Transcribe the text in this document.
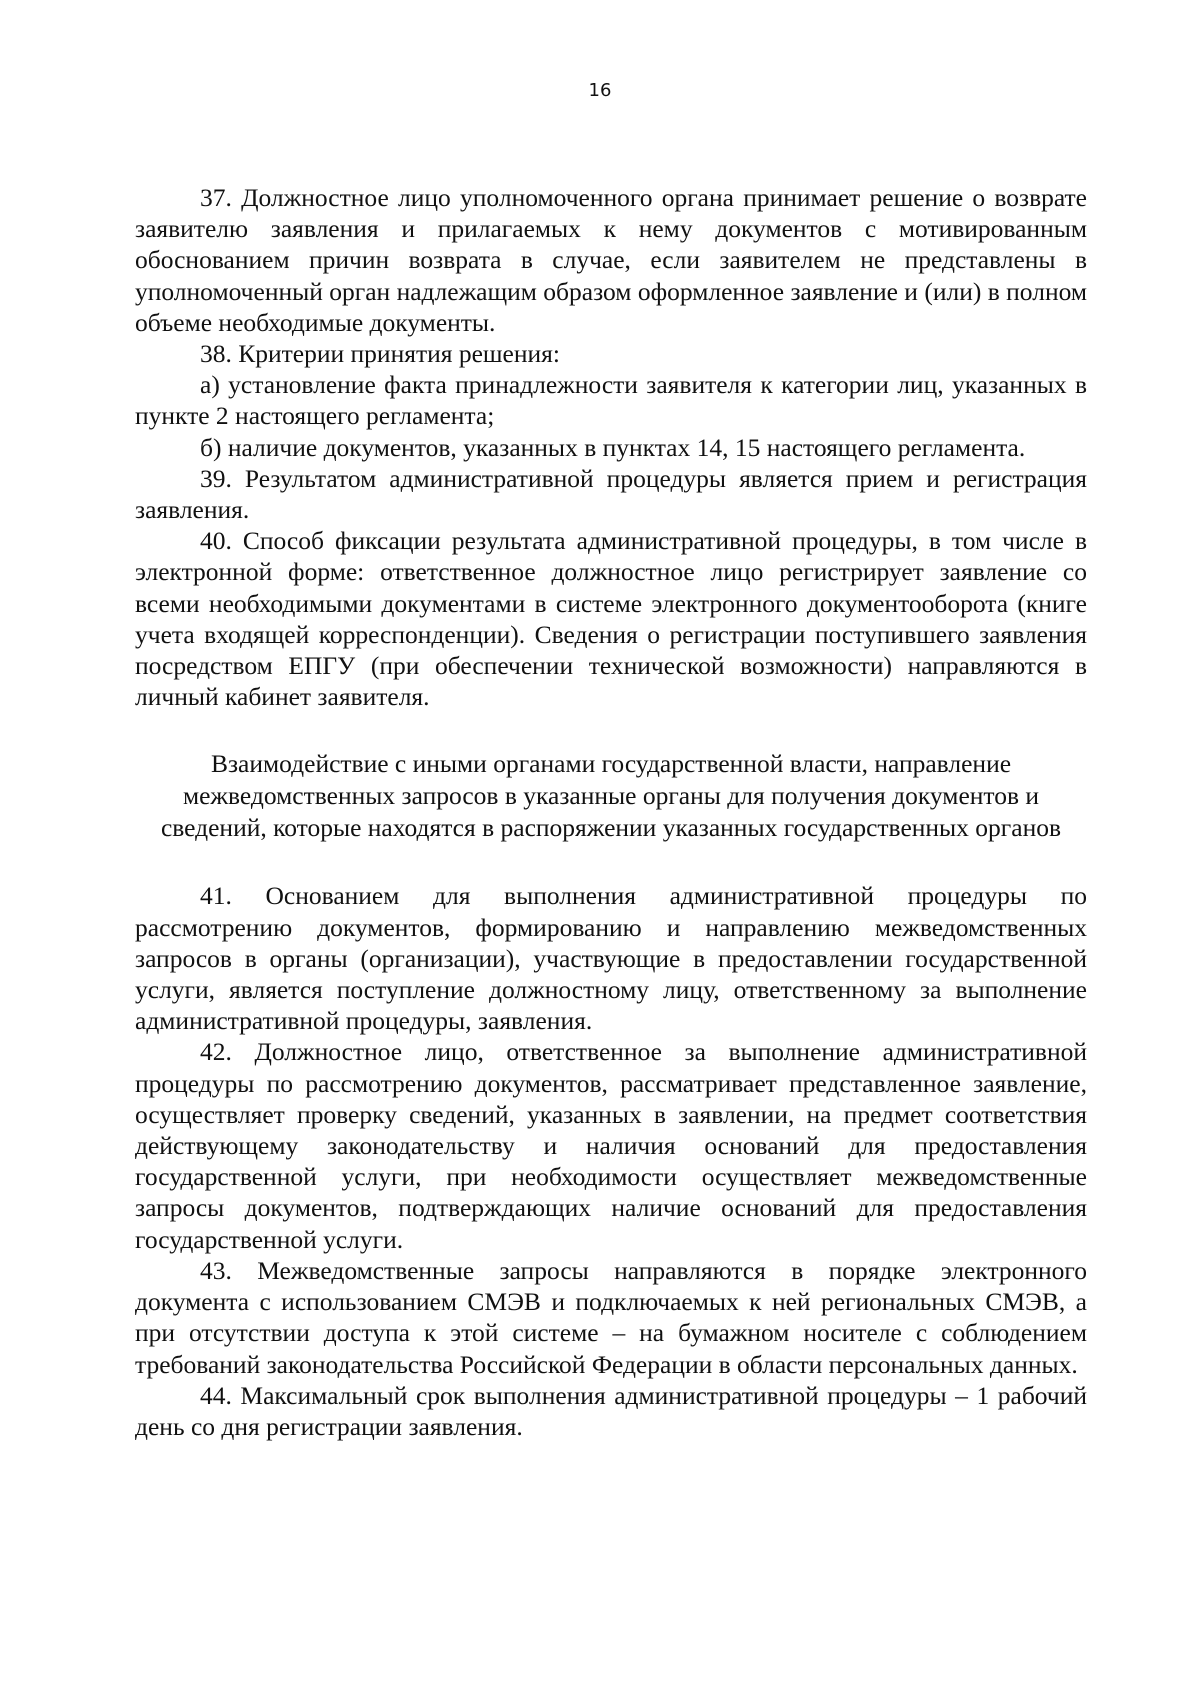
16

37. Должностное лицо уполномоченного органа принимает решение о возврате заявителю заявления и прилагаемых к нему документов с мотивированным обоснованием причин возврата в случае, если заявителем не представлены в уполномоченный орган надлежащим образом оформленное заявление и (или) в полном объеме необходимые документы.

38. Критерии принятия решения:

а) установление факта принадлежности заявителя к категории лиц, указанных в пункте 2 настоящего регламента;

б) наличие документов, указанных в пунктах 14, 15 настоящего регламента.

39. Результатом административной процедуры является прием и регистрация заявления.

40. Способ фиксации результата административной процедуры, в том числе в электронной форме: ответственное должностное лицо регистрирует заявление со всеми необходимыми документами в системе электронного документооборота (книге учета входящей корреспонденции). Сведения о регистрации поступившего заявления посредством ЕПГУ (при обеспечении технической возможности) направляются в личный кабинет заявителя.

Взаимодействие с иными органами государственной власти, направление межведомственных запросов в указанные органы для получения документов и сведений, которые находятся в распоряжении указанных государственных органов

41. Основанием для выполнения административной процедуры по рассмотрению документов, формированию и направлению межведомственных запросов в органы (организации), участвующие в предоставлении государственной услуги, является поступление должностному лицу, ответственному за выполнение административной процедуры, заявления.

42. Должностное лицо, ответственное за выполнение административной процедуры по рассмотрению документов, рассматривает представленное заявление, осуществляет проверку сведений, указанных в заявлении, на предмет соответствия действующему законодательству и наличия оснований для предоставления государственной услуги, при необходимости осуществляет межведомственные запросы документов, подтверждающих наличие оснований для предоставления государственной услуги.

43. Межведомственные запросы направляются в порядке электронного документа с использованием СМЭВ и подключаемых к ней региональных СМЭВ, а при отсутствии доступа к этой системе – на бумажном носителе с соблюдением требований законодательства Российской Федерации в области персональных данных.

44. Максимальный срок выполнения административной процедуры – 1 рабочий день со дня регистрации заявления.
